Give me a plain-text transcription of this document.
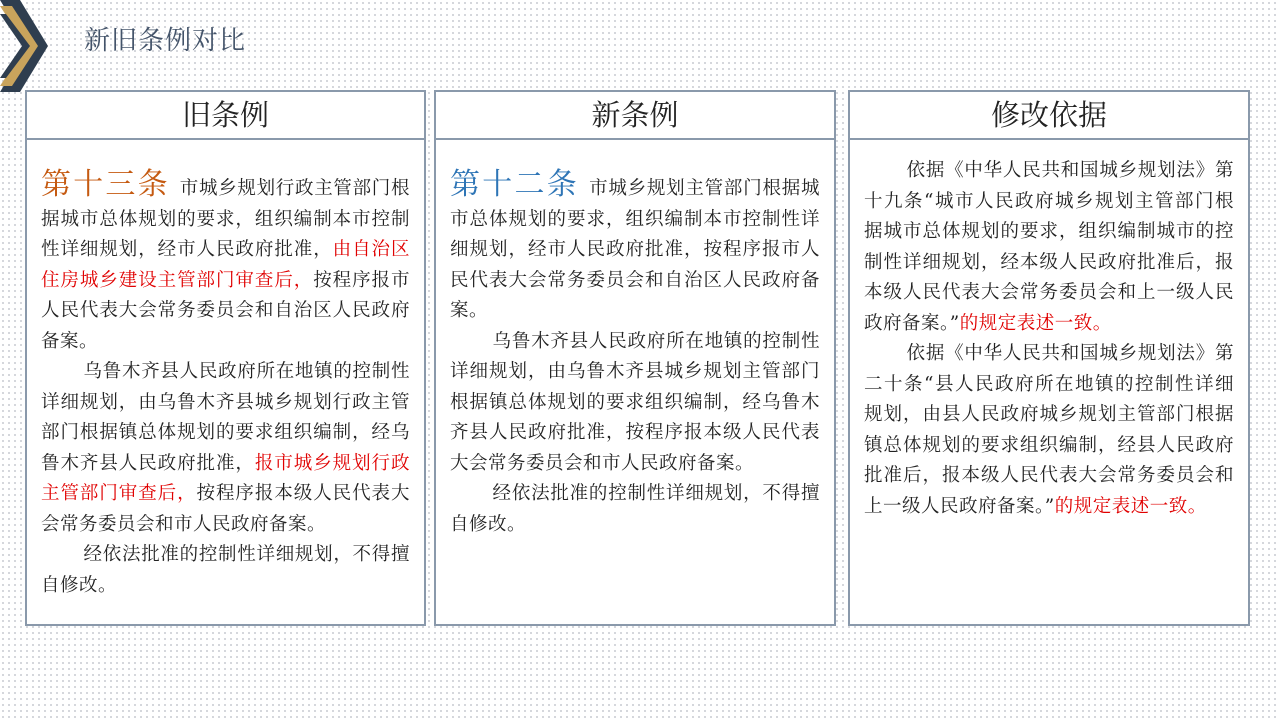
新旧条例对比
旧条例

第十三条 市城乡规划行政主管部门根据城市总体规划的要求，组织编制本市控制性详细规划，经市人民政府批准，由自治区住房城乡建设主管部门审查后，按程序报市人民代表大会常务委员会和自治区人民政府备案。

乌鲁木齐县人民政府所在地镇的控制性详细规划，由乌鲁木齐县城乡规划行政主管部门根据镇总体规划的要求组织编制，经乌鲁木齐县人民政府批准，报市城乡规划行政主管部门审查后，按程序报本级人民代表大会常务委员会和市人民政府备案。

经依法批准的控制性详细规划，不得擅自修改。

新条例

第十二条 市城乡规划主管部门根据城市总体规划的要求，组织编制本市控制性详细规划，经市人民政府批准，按程序报市人民代表大会常务委员会和自治区人民政府备案。

乌鲁木齐县人民政府所在地镇的控制性详细规划，由乌鲁木齐县城乡规划主管部门根据镇总体规划的要求组织编制，经乌鲁木齐县人民政府批准，按程序报本级人民代表大会常务委员会和市人民政府备案。

经依法批准的控制性详细规划，不得擅自修改。

修改依据

依据《中华人民共和国城乡规划法》第十九条“城市人民政府城乡规划主管部门根据城市总体规划的要求，组织编制城市的控制性详细规划，经本级人民政府批准后，报本级人民代表大会常务委员会和上一级人民政府备案。”的规定表述一致。

依据《中华人民共和国城乡规划法》第二十条“县人民政府所在地镇的控制性详细规划，由县人民政府城乡规划主管部门根据镇总体规划的要求组织编制，经县人民政府批准后，报本级人民代表大会常务委员会和上一级人民政府备案。”的规定表述一致。
